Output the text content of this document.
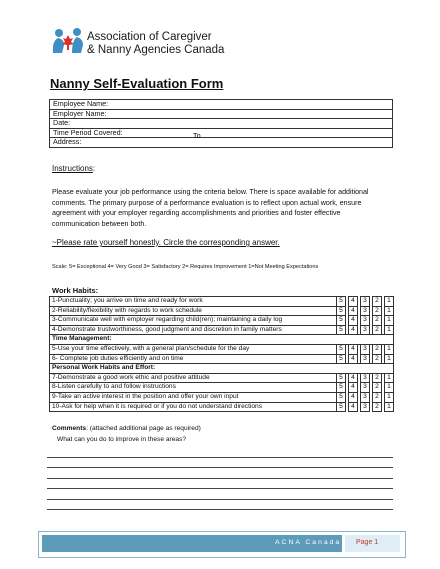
Association of Caregiver
& Nanny Agencies Canada
Nanny Self-Evaluation Form
Employee Name:
Employer Name:
Date:
Time Period Covered:
Address:
To
Instructions:
Please evaluate your job performance using the criteria below. There is space available for additional
comments. The primary purpose of a performance evaluation is to reflect upon actual work, ensure
agreement with your employer regarding accomplishments and priorities and foster effective
communication between both.
~Please rate yourself honestly. Circle the corresponding answer.
Scale: 5= Exceptional 4= Very Good 3= Satisfactory 2= Requires Improvement 1=Not Meeting Expectations
Work Habits:
1-Punctuality; you arrive on time and ready for work	5		4		3		2		1
2-Reliability/flexibility with regards to work schedule	5		4		3		2		1
3-Communicate well with employer regarding child(ren); maintaining a daily log	5		4		3		2		1
4-Demonstrate trustworthiness, good judgment and discretion in family matters	5		4		3		2		1
Time Management:									
5-Use your time effectively, with a general plan/schedule for the day	5		4		3		2		1
6- Complete job duties efficiently and on time	5		4		3		2		1
Personal Work Habits and Effort:									
7-Demonstrate a good work ethic and positive attitude	5		4		3		2		1
8-Listen carefully to and follow instructions	5		4		3		2		1
9-Take an active interest in the position and offer your own input	5		4		3		2		1
10-Ask for help when it is required or if you do not understand directions	5		4		3		2		1
Comments: (attached additional page as required)
What can you do to improve in these areas?
ACNA Canada Page 1
